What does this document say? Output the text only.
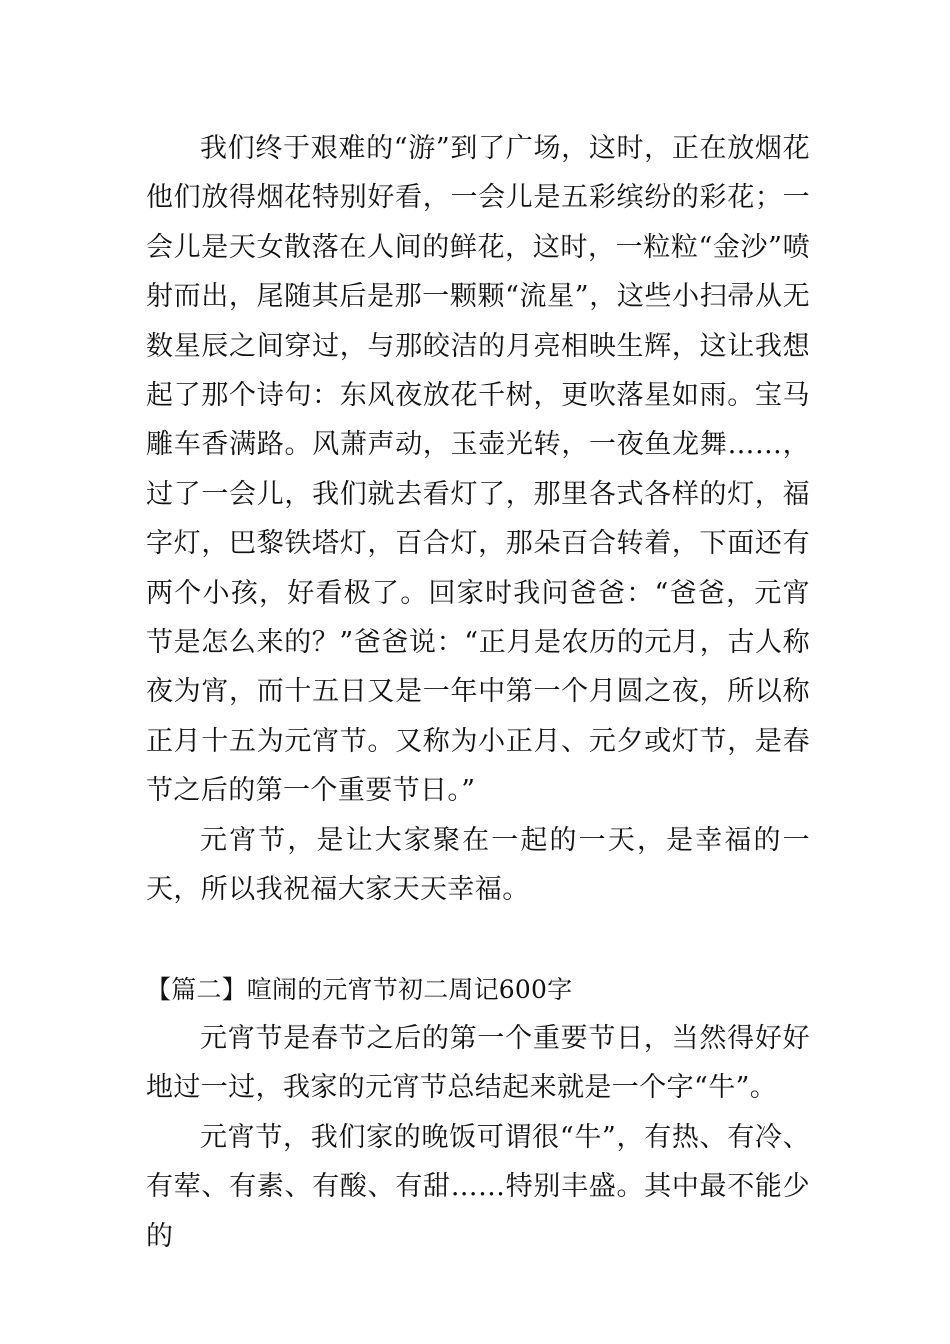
我们终于艰难的“游”到了广场，这时，正在放烟花他们放得烟花特别好看，一会儿是五彩缤纷的彩花；一会儿是天女散落在人间的鲜花，这时，一粒粒“金沙”喷射而出，尾随其后是那一颗颗“流星”，这些小扫帚从无数星辰之间穿过，与那皎洁的月亮相映生辉，这让我想起了那个诗句：东风夜放花千树，更吹落星如雨。宝马雕车香满路。风萧声动，玉壶光转，一夜鱼龙舞……，过了一会儿，我们就去看灯了，那里各式各样的灯，福字灯，巴黎铁塔灯，百合灯，那朵百合转着，下面还有两个小孩，好看极了。回家时我问爸爸：“爸爸，元宵节是怎么来的？”爸爸说：“正月是农历的元月，古人称夜为宵，而十五日又是一年中第一个月圆之夜，所以称正月十五为元宵节。又称为小正月、元夕或灯节，是春节之后的第一个重要节日。”

元宵节，是让大家聚在一起的一天，是幸福的一天，所以我祝福大家天天幸福。

【篇二】喧闹的元宵节初二周记600字

元宵节是春节之后的第一个重要节日，当然得好好地过一过，我家的元宵节总结起来就是一个字“牛”。

元宵节，我们家的晚饭可谓很“牛”，有热、有冷、有荤、有素、有酸、有甜……特别丰盛。其中最不能少的
